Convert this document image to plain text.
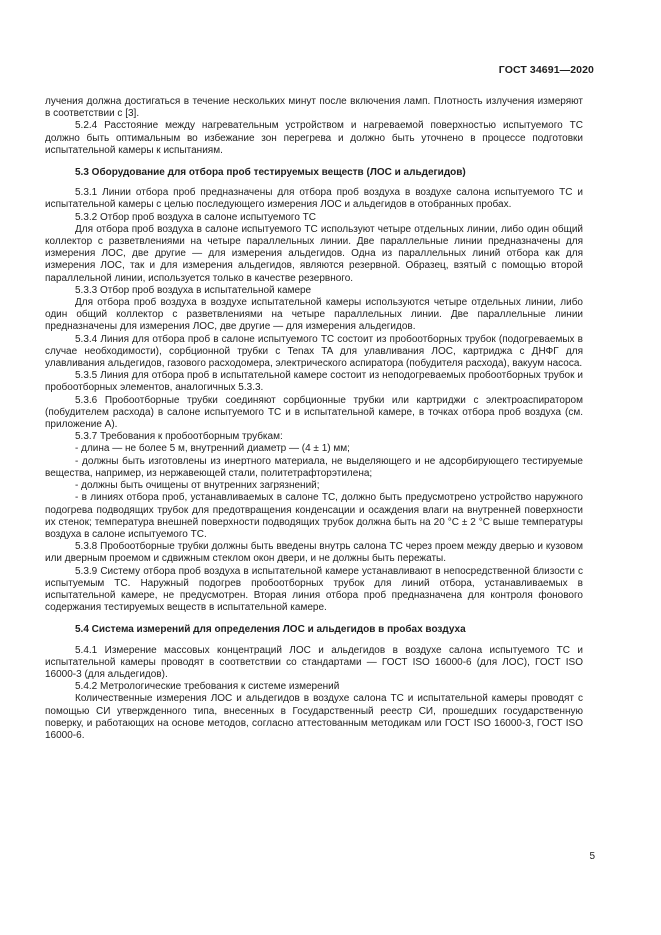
ГОСТ 34691—2020

лучения должна достигаться в течение нескольких минут после включения ламп. Плотность излучения измеряют в соответствии с [3].

5.2.4 Расстояние между нагревательным устройством и нагреваемой поверхностью испытуемого ТС должно быть оптимальным во избежание зон перегрева и должно быть уточнено в процессе подготовки испытательной камеры к испытаниям.

5.3 Оборудование для отбора проб тестируемых веществ (ЛОС и альдегидов)

5.3.1 Линии отбора проб предназначены для отбора проб воздуха в воздухе салона испытуемого ТС и испытательной камеры с целью последующего измерения ЛОС и альдегидов в отобранных пробах.

5.3.2 Отбор проб воздуха в салоне испытуемого ТС

Для отбора проб воздуха в салоне испытуемого ТС используют четыре отдельных линии, либо один общий коллектор с разветвлениями на четыре параллельных линии. Две параллельные линии предназначены для измерения ЛОС, две другие — для измерения альдегидов. Одна из параллельных линий отбора как для измерения ЛОС, так и для измерения альдегидов, являются резервной. Образец, взятый с помощью второй параллельной линии, используется только в качестве резервного.

5.3.3 Отбор проб воздуха в испытательной камере

Для отбора проб воздуха в воздухе испытательной камеры используются четыре отдельных линии, либо один общий коллектор с разветвлениями на четыре параллельных линии. Две параллельные линии предназначены для измерения ЛОС, две другие — для измерения альдегидов.

5.3.4 Линия для отбора проб в салоне испытуемого ТС состоит из пробоотборных трубок (подогреваемых в случае необходимости), сорбционной трубки с Tenax TA для улавливания ЛОС, картриджа с ДНФГ для улавливания альдегидов, газового расходомера, электрического аспиратора (побудителя расхода), вакуум насоса.

5.3.5 Линия для отбора проб в испытательной камере состоит из неподогреваемых пробоотборных трубок и пробоотборных элементов, аналогичных 5.3.3.

5.3.6 Пробоотборные трубки соединяют сорбционные трубки или картриджи с электроаспиратором (побудителем расхода) в салоне испытуемого ТС и в испытательной камере, в точках отбора проб воздуха (см. приложение А).

5.3.7 Требования к пробоотборным трубкам:

- длина — не более 5 м, внутренний диаметр — (4 ± 1) мм;

- должны быть изготовлены из инертного материала, не выделяющего и не адсорбирующего тестируемые вещества, например, из нержавеющей стали, политетрафторэтилена;

- должны быть очищены от внутренних загрязнений;

- в линиях отбора проб, устанавливаемых в салоне ТС, должно быть предусмотрено устройство наружного подогрева подводящих трубок для предотвращения конденсации и осаждения влаги на внутренней поверхности их стенок; температура внешней поверхности подводящих трубок должна быть на 20 °С ± 2 °С выше температуры воздуха в салоне испытуемого ТС.

5.3.8 Пробоотборные трубки должны быть введены внутрь салона ТС через проем между дверью и кузовом или дверным проемом и сдвижным стеклом окон двери, и не должны быть пережаты.

5.3.9 Систему отбора проб воздуха в испытательной камере устанавливают в непосредственной близости с испытуемым ТС. Наружный подогрев пробоотборных трубок для линий отбора, устанавливаемых в испытательной камере, не предусмотрен. Вторая линия отбора проб предназначена для контроля фонового содержания тестируемых веществ в испытательной камере.

5.4 Система измерений для определения ЛОС и альдегидов в пробах воздуха

5.4.1 Измерение массовых концентраций ЛОС и альдегидов в воздухе салона испытуемого ТС и испытательной камеры проводят в соответствии со стандартами — ГОСТ ISO 16000-6 (для ЛОС), ГОСТ ISO 16000-3 (для альдегидов).

5.4.2 Метрологические требования к системе измерений

Количественные измерения ЛОС и альдегидов в воздухе салона ТС и испытательной камеры проводят с помощью СИ утвержденного типа, внесенных в Государственный реестр СИ, прошедших государственную поверку, и работающих на основе методов, согласно аттестованным методикам или ГОСТ ISO 16000-3, ГОСТ ISO 16000-6.

5
